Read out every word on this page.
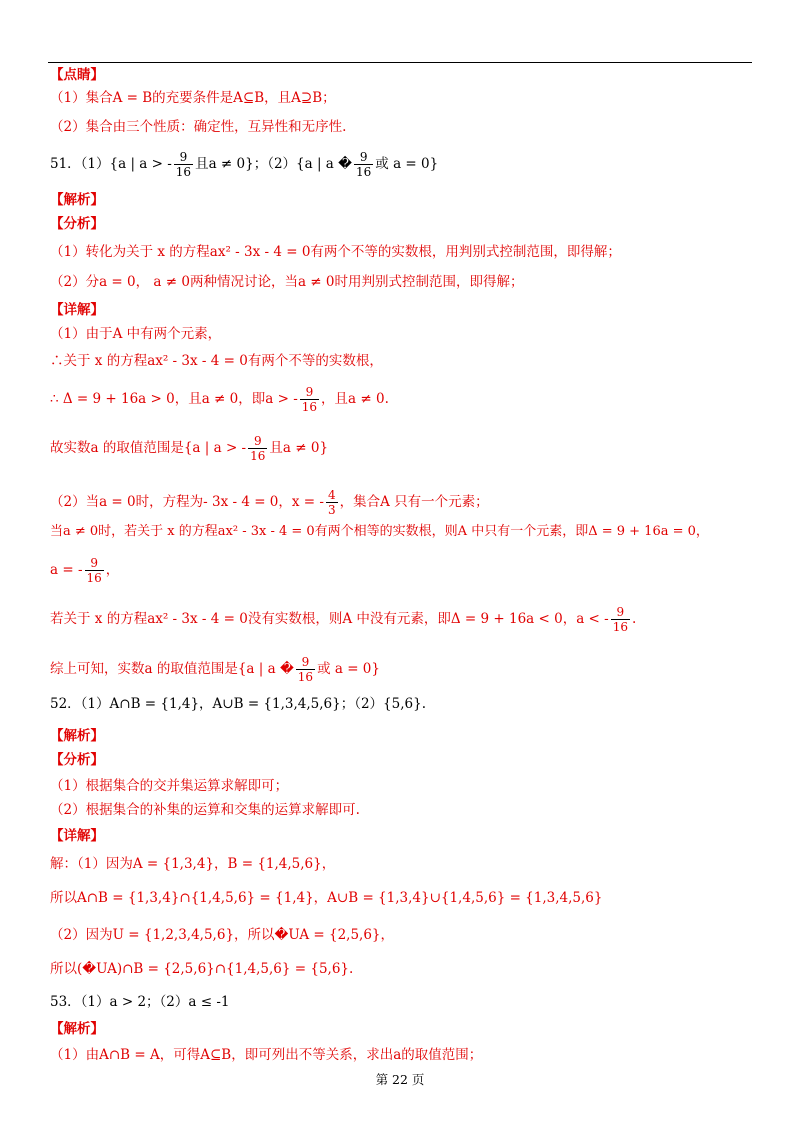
【点睛】
（1）集合A = B的充要条件是A⊆B，且A⊇B；
（2）集合由三个性质：确定性，互异性和无序性.
51．（1）{a | a > - $\frac{9}{16}$ 且a ≠ 0}；（2）{a | a � $\frac{9}{16}$ 或 a = 0}
【解析】
【分析】
（1）转化为关于 x 的方程ax² - 3x - 4 = 0有两个不等的实数根，用判别式控制范围，即得解；
（2）分a = 0， a ≠ 0两种情况讨论，当a ≠ 0时用判别式控制范围，即得解；
【详解】
（1）由于A 中有两个元素，
∴关于 x 的方程ax² - 3x - 4 = 0有两个不等的实数根，
∴ Δ = 9 + 16a > 0，且a ≠ 0，即a > - $\frac{9}{16}$ ，且a ≠ 0.
故实数a 的取值范围是{a | a > - $\frac{9}{16}$ 且a ≠ 0}
（2）当a = 0时，方程为- 3x - 4 = 0，x = - $\frac{4}{3}$ ，集合A 只有一个元素；
当a ≠ 0时，若关于 x 的方程ax² - 3x - 4 = 0有两个相等的实数根，则A 中只有一个元素，即Δ = 9 + 16a = 0，
a = - $\frac{9}{16}$ ，
若关于 x 的方程ax² - 3x - 4 = 0没有实数根，则A 中没有元素，即Δ = 9 + 16a < 0，a < - $\frac{9}{16}$ .
综上可知，实数a 的取值范围是{a | a � $\frac{9}{16}$ 或 a = 0}
52．（1）A∩B = {1,4}，A∪B = {1,3,4,5,6}；（2）{5,6}.
【解析】
【分析】
（1）根据集合的交并集运算求解即可；
（2）根据集合的补集的运算和交集的运算求解即可.
【详解】
解：（1）因为A = {1,3,4}，B = {1,4,5,6}，
所以A∩B = {1,3,4}∩{1,4,5,6} = {1,4}，A∪B = {1,3,4}∪{1,4,5,6} = {1,3,4,5,6}
（2）因为U = {1,2,3,4,5,6}，所以�UA = {2,5,6}，
所以(�UA)∩B = {2,5,6}∩{1,4,5,6} = {5,6}.
53．（1）a > 2；（2）a ≤ -1
【解析】
（1）由A∩B = A，可得A⊆B，即可列出不等关系，求出a的取值范围；
第 22 页
